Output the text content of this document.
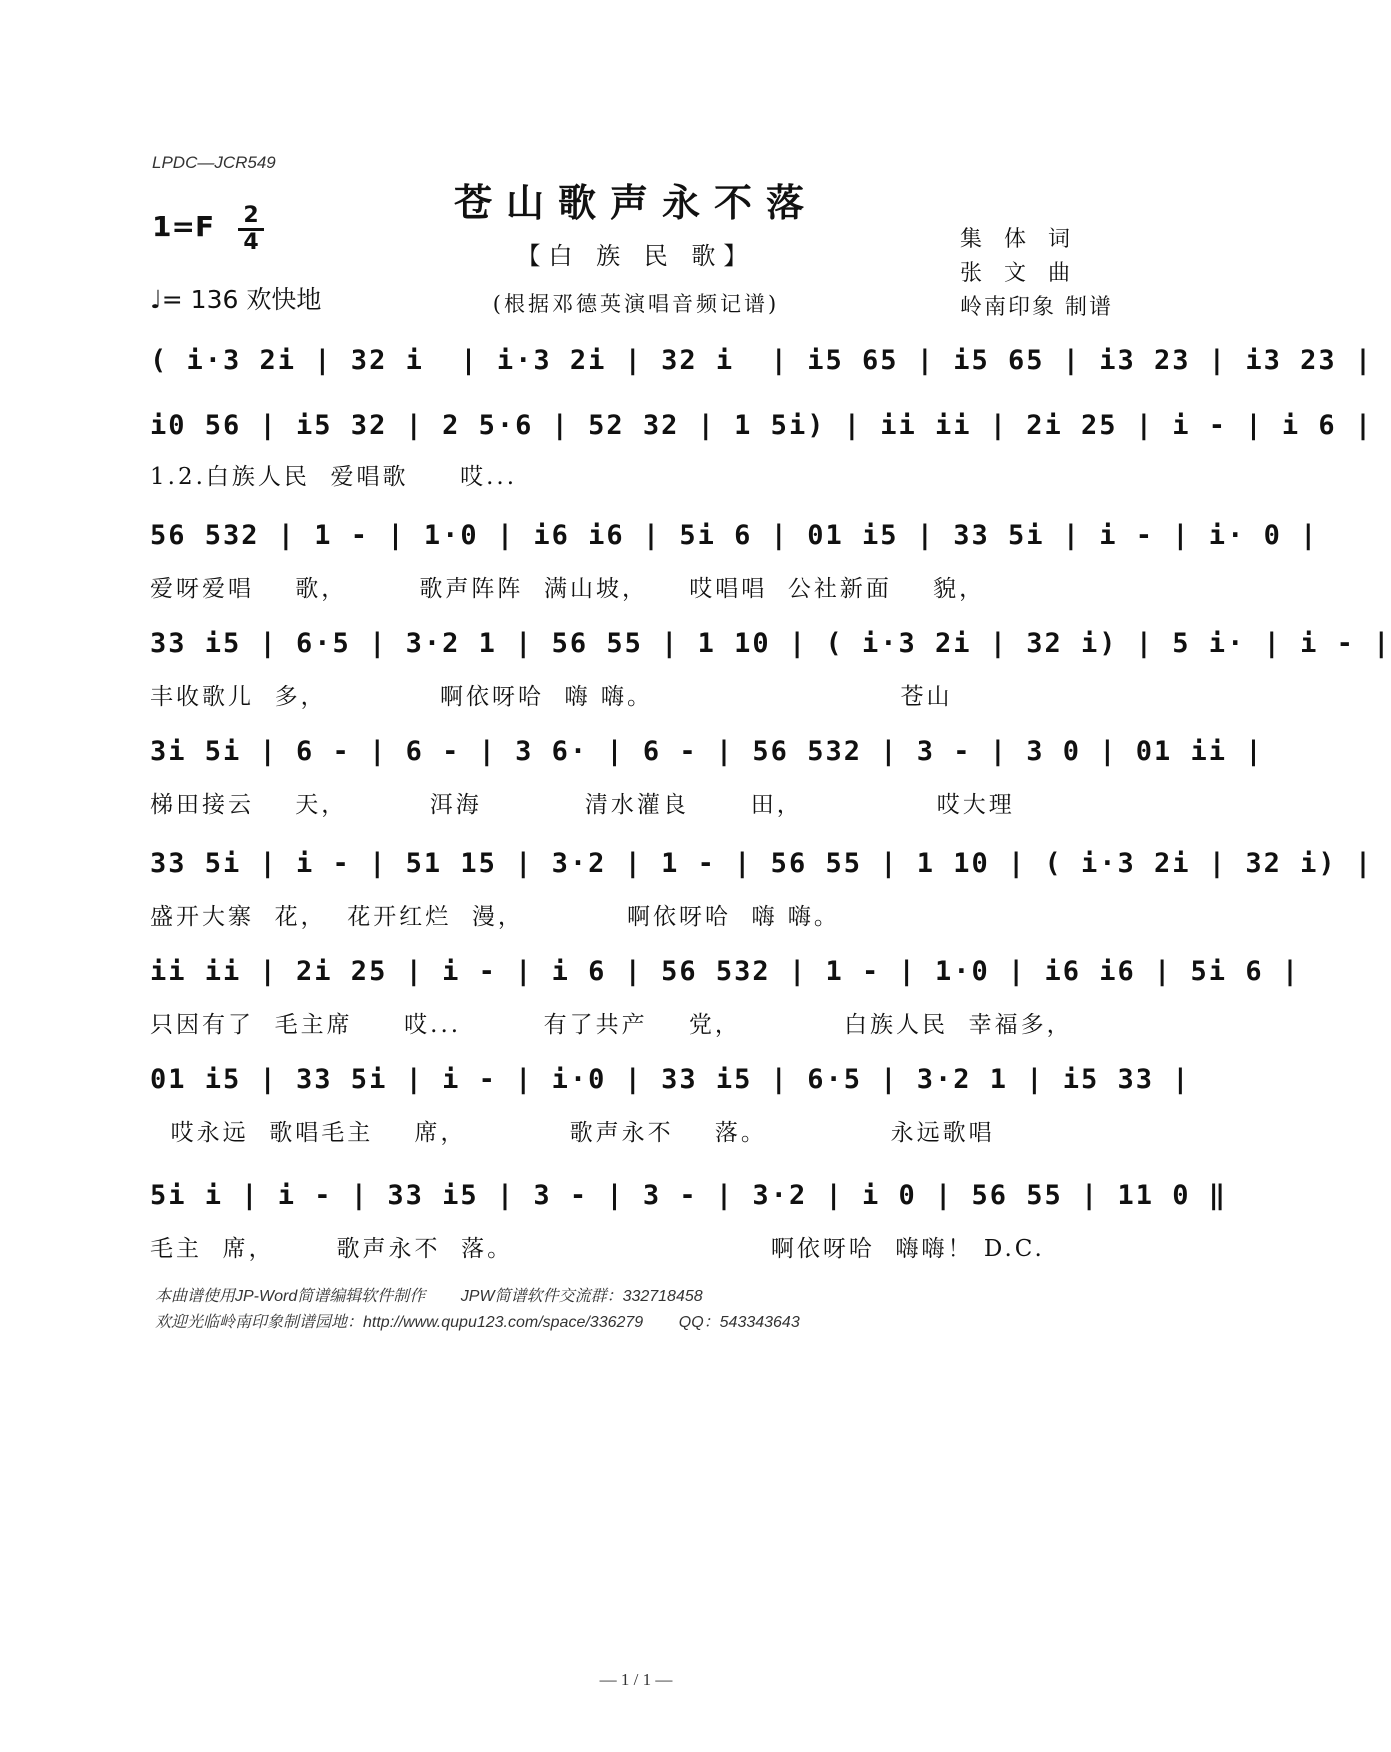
LPDC—JCR549
苍山歌声永不落
【白 族 民 歌】
(根据邓德英演唱音频记谱)
1=F 2
4
♩= 136 欢快地
集体词
张文曲
岭南印象 制谱
( i·3 2i | 32 i  | i·3 2i | 32 i  | i5 65 | i5 65 | i3 23 | i3 23 |
i0 56 | i5 32 | 2 5·6 | 52 32 | 1 5i) | ii ii | 2i 25 | i - | i 6 |
1.2.白族人民  爱唱歌     哎...
56 532 | 1 - | 1·0 | i6 i6 | 5i 6 | 01 i5 | 33 5i | i - | i· 0 |
爱呀爱唱    歌，       歌声阵阵  满山坡，    哎唱唱  公社新面    貌，
33 i5 | 6·5 | 3·2 1 | 56 55 | 1 10 | ( i·3 2i | 32 i) | 5 i· | i - |
丰收歌儿  多，           啊依呀哈  嗨 嗨。                        苍山
3i 5i | 6 - | 6 - | 3 6· | 6 - | 56 532 | 3 - | 3 0 | 01 ii |
梯田接云    天，        洱海          清水灌良      田，             哎大理
33 5i | i - | 51 15 | 3·2 | 1 - | 56 55 | 1 10 | ( i·3 2i | 32 i) |
盛开大寨  花，  花开红烂  漫，          啊依呀哈  嗨 嗨。
ii ii | 2i 25 | i - | i 6 | 56 532 | 1 - | 1·0 | i6 i6 | 5i 6 |
只因有了  毛主席     哎...        有了共产    党，          白族人民  幸福多，
01 i5 | 33 5i | i - | i·0 | 33 i5 | 6·5 | 3·2 1 | i5 33 |
哎永远  歌唱毛主    席，          歌声永不    落。            永远歌唱
5i i | i - | 33 i5 | 3 - | 3 - | 3·2 | i 0 | 56 55 | 11 0 ‖
毛主  席，      歌声永不  落。                         啊依呀哈  嗨嗨！ D.C.
本曲谱使用JP-Word简谱编辑软件制作        JPW简谱软件交流群：332718458
欢迎光临岭南印象制谱园地：http://www.qupu123.com/space/336279        QQ：543343643
— 1 / 1 —
